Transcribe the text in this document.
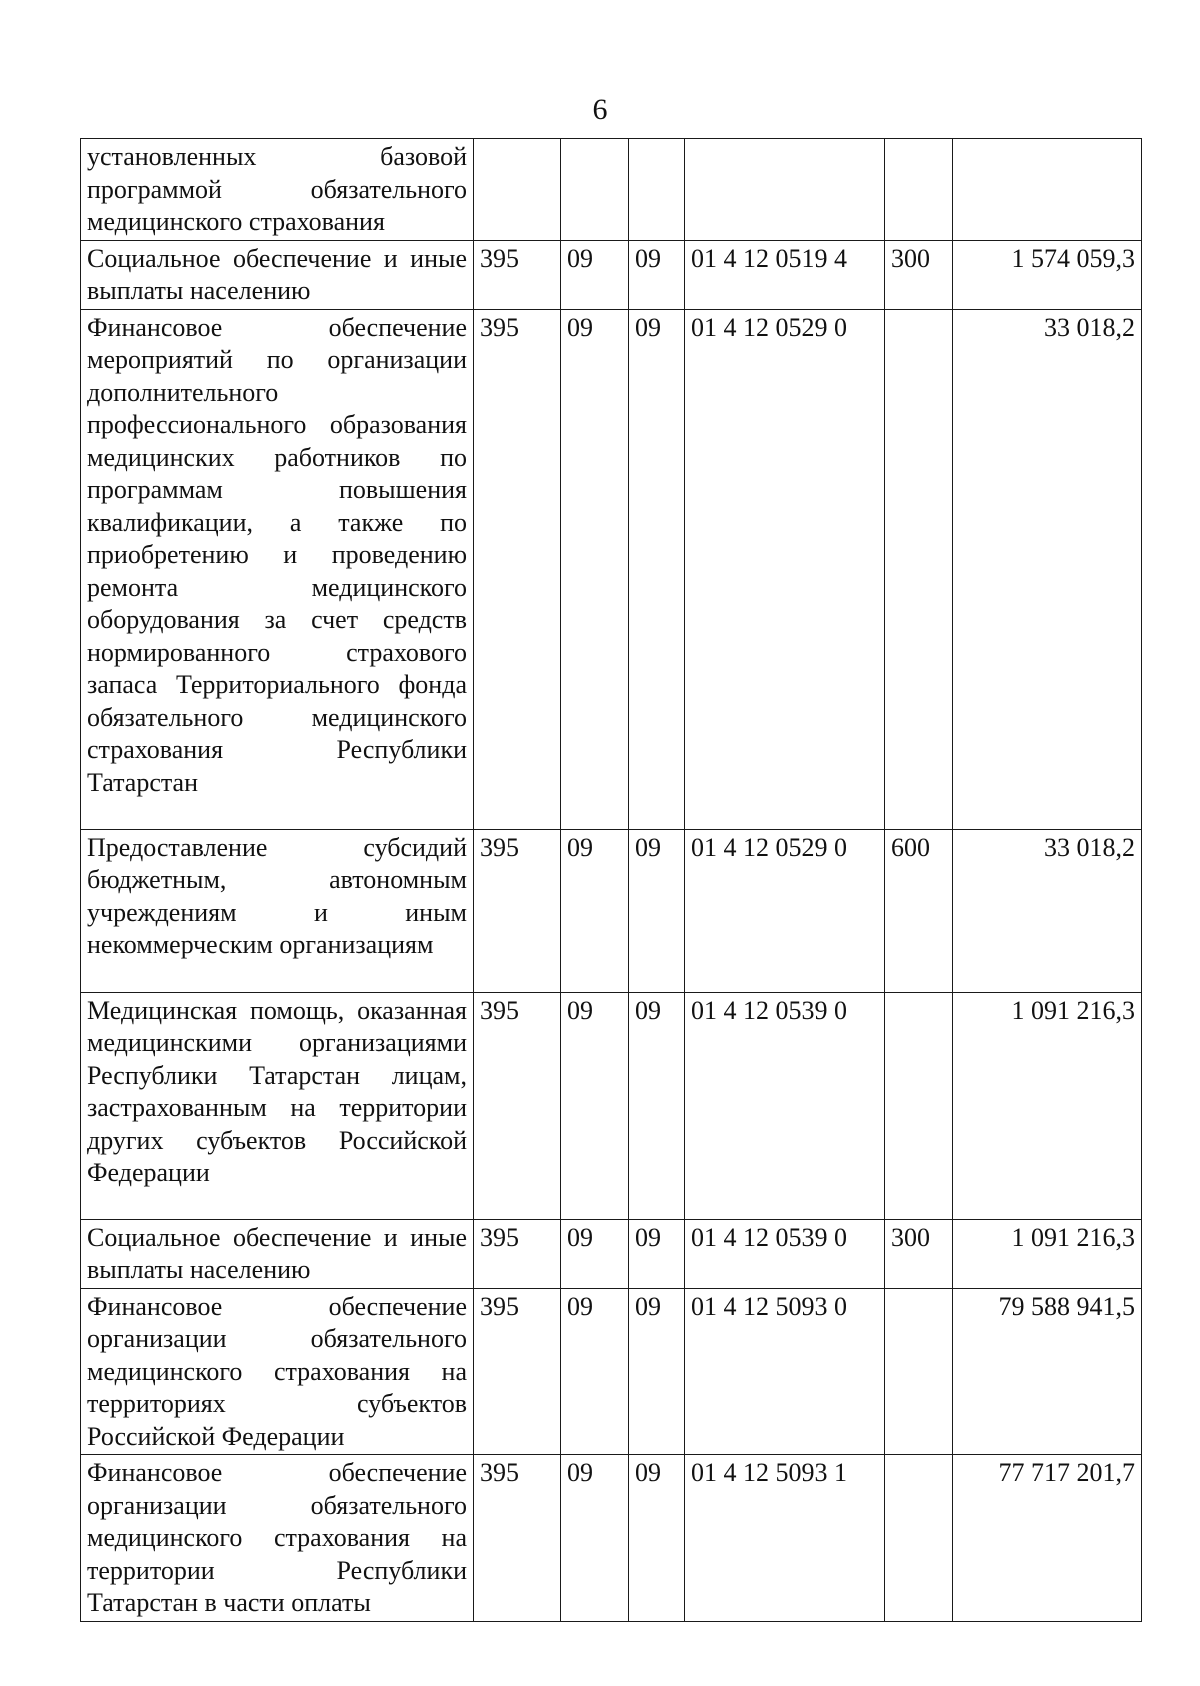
6
установленных базовой программой обязательного медицинского страхования						
Социальное обеспечение и иные выплаты населению	395	09	09	01 4 12 0519 4	300	1 574 059,3
Финансовое обеспечение мероприятий по организации дополнительного профессионального образования медицинских работников по программам повышения квалификации, а также по приобретению и проведению ремонта медицинского оборудования за счет средств нормированного страхового запаса Территориального фонда обязательного медицинского страхования Республики Татарстан	395	09	09	01 4 12 0529 0		33 018,2
Предоставление субсидий бюджетным, автономным учреждениям и иным некоммерческим организациям	395	09	09	01 4 12 0529 0	600	33 018,2
Медицинская помощь, оказанная медицинскими организациями Республики Татарстан лицам, застрахованным на территории других субъектов Российской Федерации	395	09	09	01 4 12 0539 0		1 091 216,3
Социальное обеспечение и иные выплаты населению	395	09	09	01 4 12 0539 0	300	1 091 216,3
Финансовое обеспечение организации обязательного медицинского страхования на территориях субъектов Российской Федерации	395	09	09	01 4 12 5093 0		79 588 941,5
Финансовое обеспечение организации обязательного медицинского страхования на территории Республики Татарстан в части оплаты	395	09	09	01 4 12 5093 1		77 717 201,7
